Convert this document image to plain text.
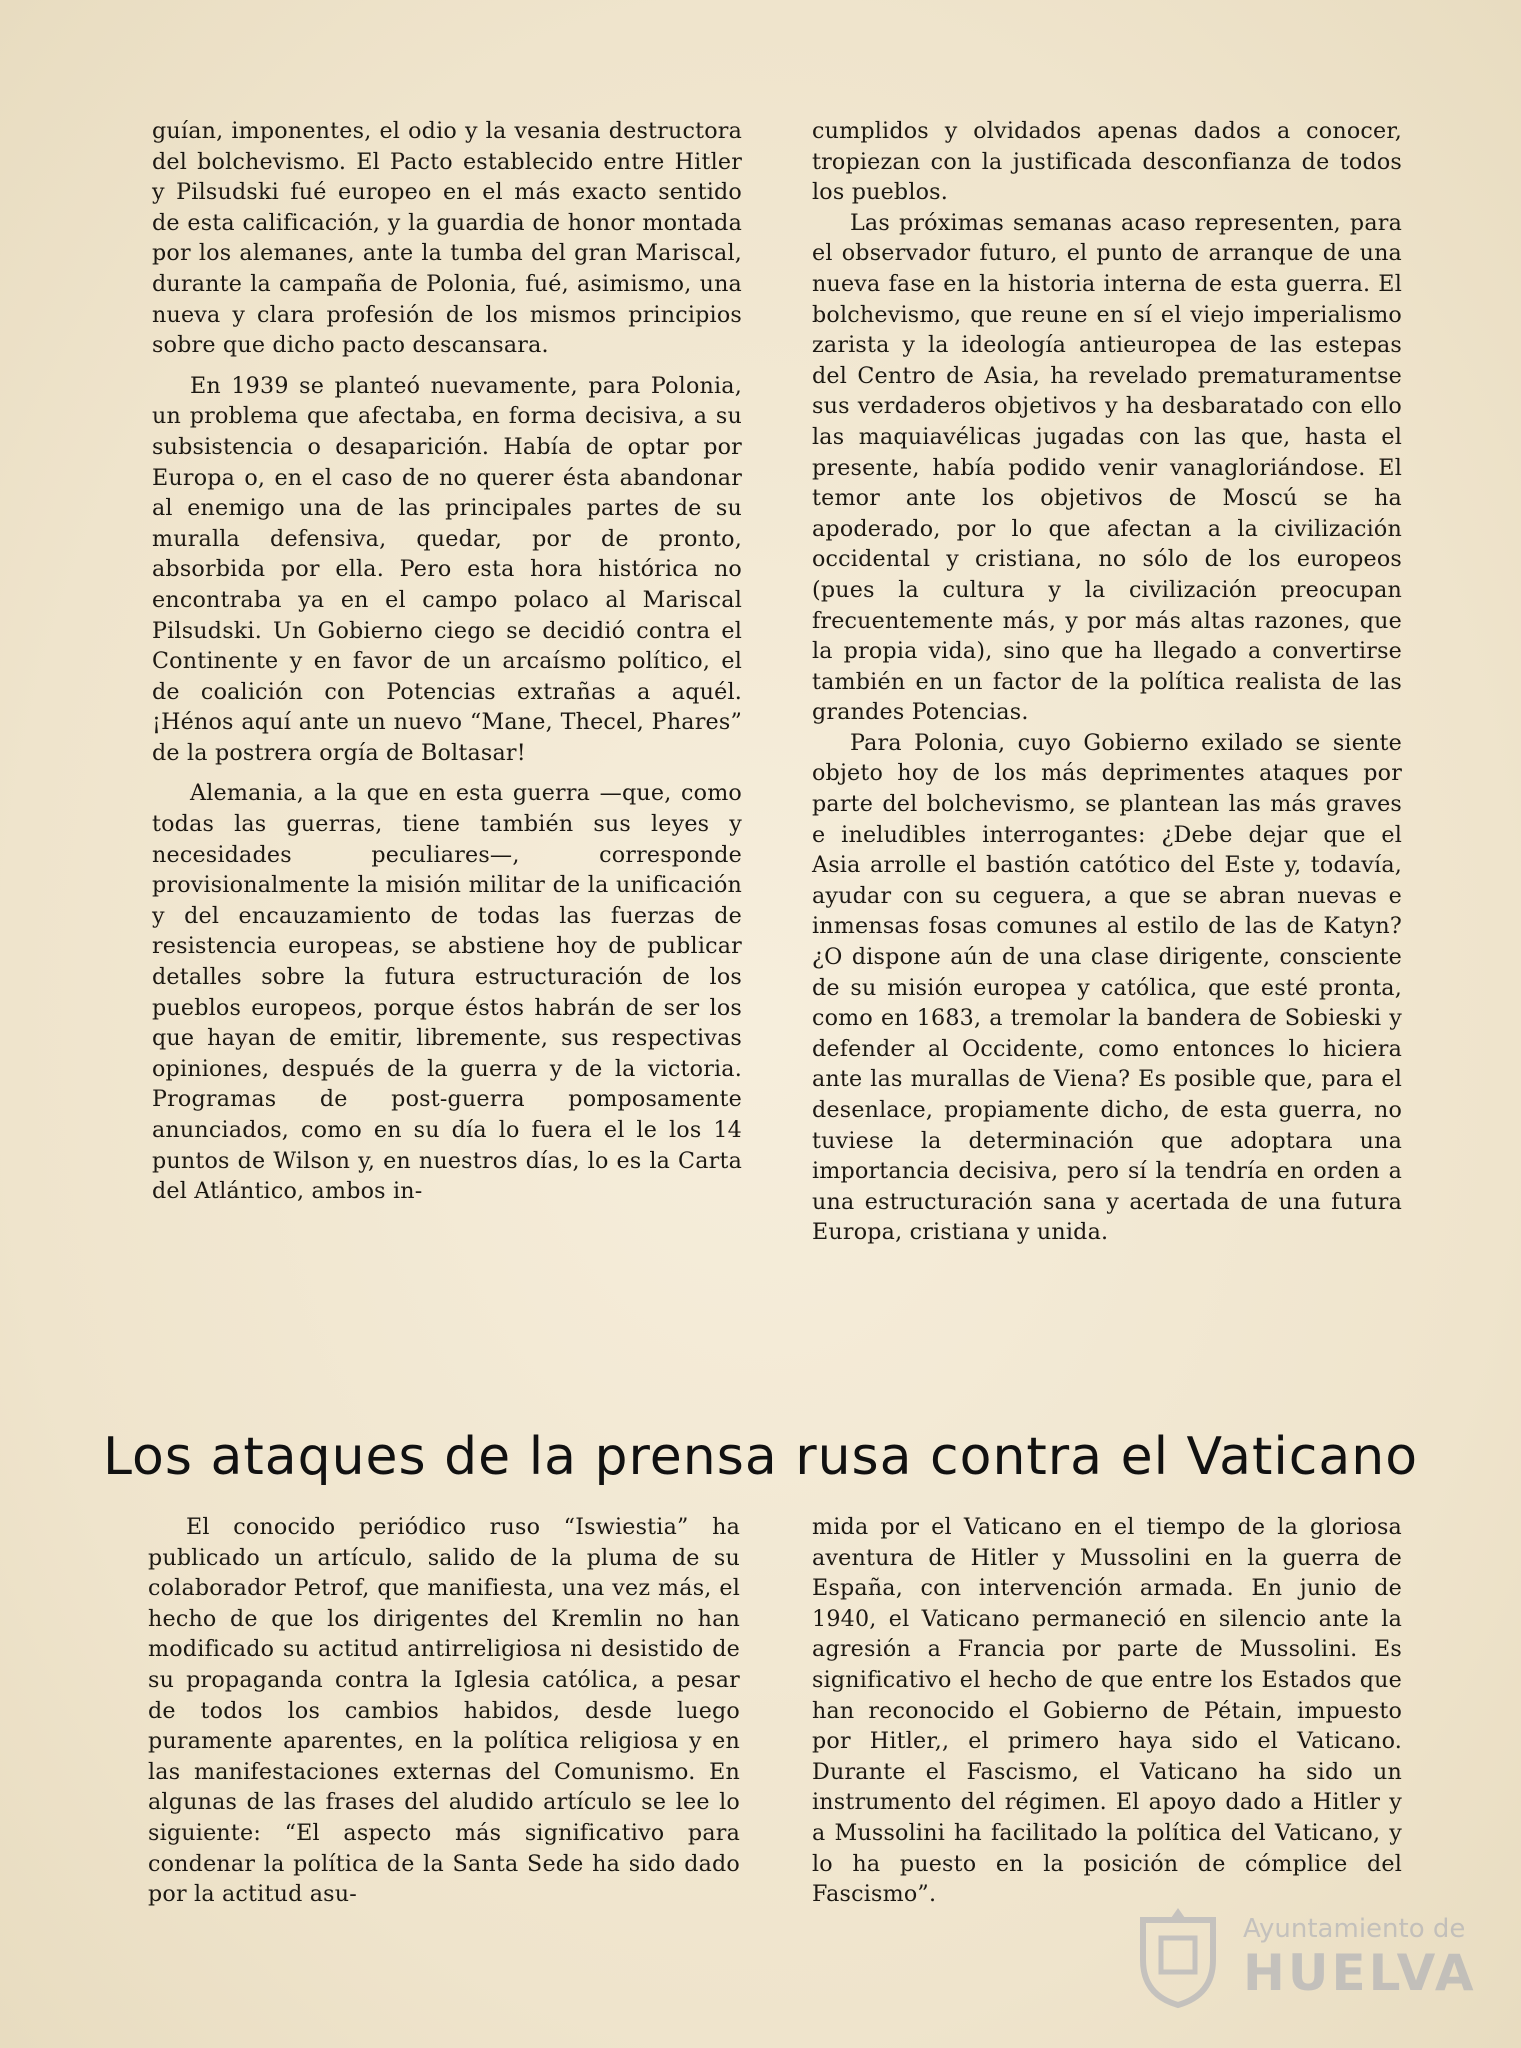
guían, imponentes, el odio y la vesania destructora del bolchevismo. El Pacto establecido entre Hitler y Pilsudski fué europeo en el más exacto sentido de esta calificación, y la guardia de honor montada por los alemanes, ante la tumba del gran Mariscal, durante la campaña de Polonia, fué, asimismo, una nueva y clara profesión de los mismos principios sobre que dicho pacto descansara.

En 1939 se planteó nuevamente, para Polonia, un problema que afectaba, en forma decisiva, a su subsistencia o desaparición. Había de optar por Europa o, en el caso de no querer ésta abandonar al enemigo una de las principales partes de su muralla defensiva, quedar, por de pronto, absorbida por ella. Pero esta hora histórica no encontraba ya en el campo polaco al Mariscal Pilsudski. Un Gobierno ciego se decidió contra el Continente y en favor de un arcaísmo político, el de coalición con Potencias extrañas a aquél. ¡Hénos aquí ante un nuevo “Mane, Thecel, Phares” de la postrera orgía de Boltasar!

Alemania, a la que en esta guerra —que, como todas las guerras, tiene también sus leyes y necesidades peculiares—, corresponde provisionalmente la misión militar de la unificación y del encauzamiento de todas las fuerzas de resistencia europeas, se abstiene hoy de publicar detalles sobre la futura estructuración de los pueblos europeos, porque éstos habrán de ser los que hayan de emitir, libremente, sus respectivas opiniones, después de la guerra y de la victoria. Programas de post-guerra pomposamente anunciados, como en su día lo fuera el le los 14 puntos de Wilson y, en nuestros días, lo es la Carta del Atlántico, ambos in-

cumplidos y olvidados apenas dados a conocer, tropiezan con la justificada desconfianza de todos los pueblos.

Las próximas semanas acaso representen, para el observador futuro, el punto de arranque de una nueva fase en la historia interna de esta guerra. El bolchevismo, que reune en sí el viejo imperialismo zarista y la ideología antieuropea de las estepas del Centro de Asia, ha revelado prematuramentse sus verdaderos objetivos y ha desbaratado con ello las maquiavélicas jugadas con las que, hasta el presente, había podido venir vanagloriándose. El temor ante los objetivos de Moscú se ha apoderado, por lo que afectan a la civilización occidental y cristiana, no sólo de los europeos (pues la cultura y la civilización preocupan frecuentemente más, y por más altas razones, que la propia vida), sino que ha llegado a convertirse también en un factor de la política realista de las grandes Potencias.

Para Polonia, cuyo Gobierno exilado se siente objeto hoy de los más deprimentes ataques por parte del bolchevismo, se plantean las más graves e ineludibles interrogantes: ¿Debe dejar que el Asia arrolle el bastión catótico del Este y, todavía, ayudar con su ceguera, a que se abran nuevas e inmensas fosas comunes al estilo de las de Katyn? ¿O dispone aún de una clase dirigente, consciente de su misión europea y católica, que esté pronta, como en 1683, a tremolar la bandera de Sobieski y defender al Occidente, como entonces lo hiciera ante las murallas de Viena? Es posible que, para el desenlace, propiamente dicho, de esta guerra, no tuviese la determinación que adoptara una importancia decisiva, pero sí la tendría en orden a una estructuración sana y acertada de una futura Europa, cristiana y unida.

Los ataques de la prensa rusa contra el Vaticano

El conocido periódico ruso “Iswiestia” ha publicado un artículo, salido de la pluma de su colaborador Petrof, que manifiesta, una vez más, el hecho de que los dirigentes del Kremlin no han modificado su actitud antirreligiosa ni desistido de su propaganda contra la Iglesia católica, a pesar de todos los cambios habidos, desde luego puramente aparentes, en la política religiosa y en las manifestaciones externas del Comunismo. En algunas de las frases del aludido artículo se lee lo siguiente: “El aspecto más significativo para condenar la política de la Santa Sede ha sido dado por la actitud asu-

mida por el Vaticano en el tiempo de la gloriosa aventura de Hitler y Mussolini en la guerra de España, con intervención armada. En junio de 1940, el Vaticano permaneció en silencio ante la agresión a Francia por parte de Mussolini. Es significativo el hecho de que entre los Estados que han reconocido el Gobierno de Pétain, impuesto por Hitler,, el primero haya sido el Vaticano. Durante el Fascismo, el Vaticano ha sido un instrumento del régimen. El apoyo dado a Hitler y a Mussolini ha facilitado la política del Vaticano, y lo ha puesto en la posición de cómplice del Fascismo”.

Ayuntamiento de
HUELVA
